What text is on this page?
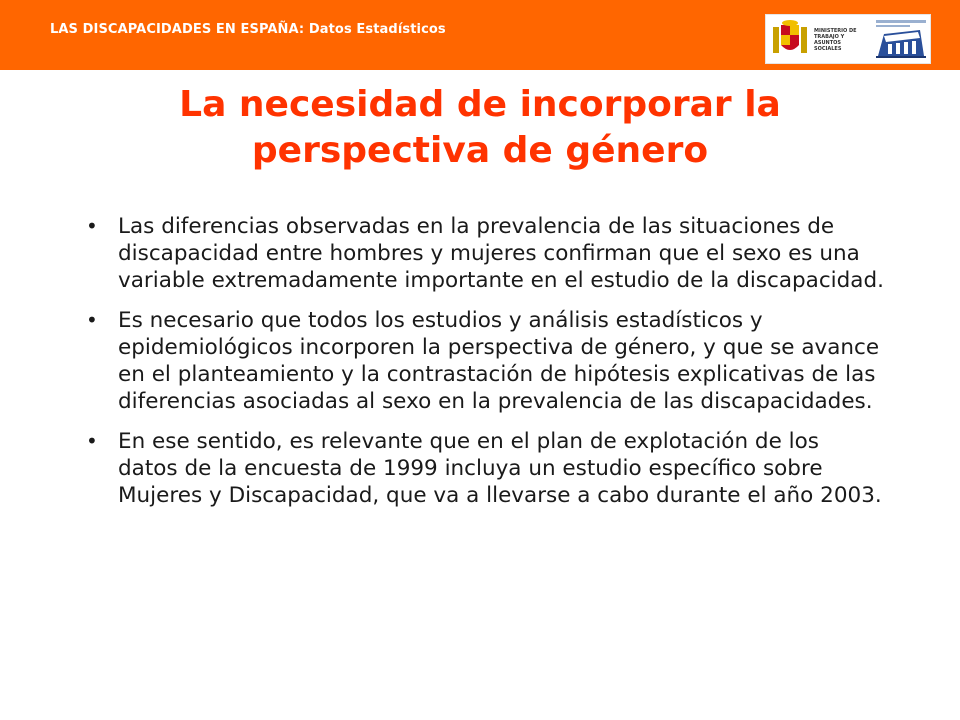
LAS DISCAPACIDADES EN ESPAÑA: Datos Estadísticos	MINISTERIO DE TRABAJO Y ASUNTOS SOCIALES
La necesidad de incorporar la perspectiva de género
• Las diferencias observadas en la prevalencia de las situaciones de discapacidad entre hombres y mujeres confirman que el sexo es una variable extremadamente importante en el estudio de la discapacidad.
• Es necesario que todos los estudios y análisis estadísticos y epidemiológicos incorporen la perspectiva de género, y que se avance en el planteamiento y la contrastación de hipótesis explicativas de las diferencias asociadas al sexo en la prevalencia de las discapacidades.
• En ese sentido, es relevante que en el plan de explotación de los datos de la encuesta de 1999 incluya un estudio específico sobre Mujeres y Discapacidad, que va a llevarse a cabo durante el año 2003.
